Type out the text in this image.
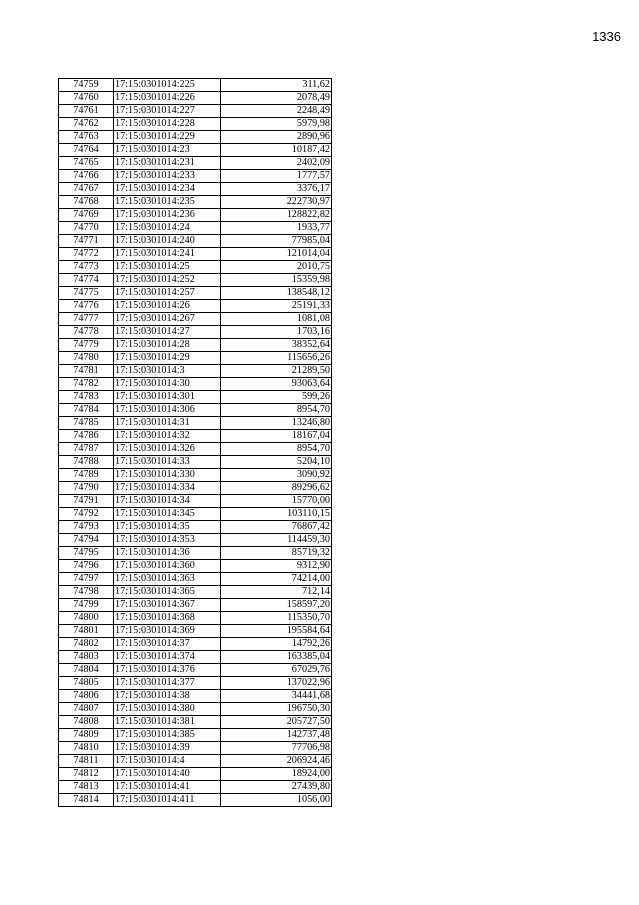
1336
74759	17:15:0301014:225	311,62
74760	17:15:0301014:226	2078,49
74761	17:15:0301014:227	2248,49
74762	17:15:0301014:228	5979,98
74763	17:15:0301014:229	2890,96
74764	17:15:0301014:23	10187,42
74765	17:15:0301014:231	2402,09
74766	17:15:0301014:233	1777,57
74767	17:15:0301014:234	3376,17
74768	17:15:0301014:235	222730,97
74769	17:15:0301014:236	128822,82
74770	17:15:0301014:24	1933,77
74771	17:15:0301014:240	77985,04
74772	17:15:0301014:241	121014,04
74773	17:15:0301014:25	2010,75
74774	17:15:0301014:252	15359,98
74775	17:15:0301014:257	138548,12
74776	17:15:0301014:26	25191,33
74777	17:15:0301014:267	1081,08
74778	17:15:0301014:27	1703,16
74779	17:15:0301014:28	38352,64
74780	17:15:0301014:29	115656,26
74781	17:15:0301014:3	21289,50
74782	17:15:0301014:30	93063,64
74783	17:15:0301014:301	599,26
74784	17:15:0301014:306	8954,70
74785	17:15:0301014:31	13246,80
74786	17:15:0301014:32	18167,04
74787	17:15:0301014:326	8954,70
74788	17:15:0301014:33	5204,10
74789	17:15:0301014:330	3090,92
74790	17:15:0301014:334	89296,62
74791	17:15:0301014:34	15770,00
74792	17:15:0301014:345	103110,15
74793	17:15:0301014:35	76867,42
74794	17:15:0301014:353	114459,30
74795	17:15:0301014:36	85719,32
74796	17:15:0301014:360	9312,90
74797	17:15:0301014:363	74214,00
74798	17:15:0301014:365	712,14
74799	17:15:0301014:367	158597,20
74800	17:15:0301014:368	115350,70
74801	17:15:0301014:369	195584,64
74802	17:15:0301014:37	14792,26
74803	17:15:0301014:374	163385,04
74804	17:15:0301014:376	67029,76
74805	17:15:0301014:377	137022,96
74806	17:15:0301014:38	34441,68
74807	17:15:0301014:380	196750,30
74808	17:15:0301014:381	205727,50
74809	17:15:0301014:385	142737,48
74810	17:15:0301014:39	77706,98
74811	17:15:0301014:4	206924,46
74812	17:15:0301014:40	18924,00
74813	17:15:0301014:41	27439,80
74814	17:15:0301014:411	1056,00
